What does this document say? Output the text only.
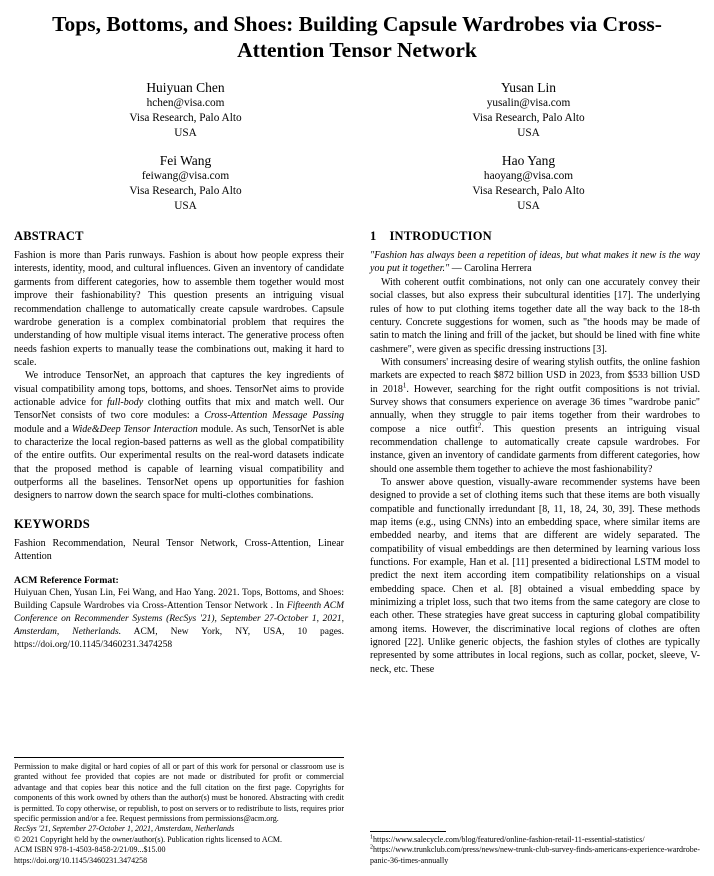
Tops, Bottoms, and Shoes: Building Capsule Wardrobes via Cross-Attention Tensor Network
Huiyuan Chen
hchen@visa.com
Visa Research, Palo Alto
USA
Yusan Lin
yusalin@visa.com
Visa Research, Palo Alto
USA
Fei Wang
feiwang@visa.com
Visa Research, Palo Alto
USA
Hao Yang
haoyang@visa.com
Visa Research, Palo Alto
USA
ABSTRACT

Fashion is more than Paris runways. Fashion is about how people express their interests, identity, mood, and cultural influences. Given an inventory of candidate garments from different categories, how to assemble them together would most improve their fashionability? This question presents an intriguing visual recommendation challenge to automatically create capsule wardrobes. Capsule wardrobe generation is a complex combinatorial problem that requires the understanding of how multiple visual items interact. The generative process often needs fashion experts to manually tease the combinations out, making it hard to scale.

We introduce TensorNet, an approach that captures the key ingredients of visual compatibility among tops, bottoms, and shoes. TensorNet aims to provide actionable advice for full-body clothing outfits that mix and match well. Our TensorNet consists of two core modules: a Cross-Attention Message Passing module and a Wide&Deep Tensor Interaction module. As such, TensorNet is able to characterize the local region-based patterns as well as the global compatibility of the entire outfits. Our experimental results on the real-word datasets indicate that the proposed method is capable of learning visual compatibility and outperforms all the baselines. TensorNet opens up opportunities for fashion designers to narrow down the search space for multi-clothes combinations.

KEYWORDS

Fashion Recommendation, Neural Tensor Network, Cross-Attention, Linear Attention

ACM Reference Format:

Huiyuan Chen, Yusan Lin, Fei Wang, and Hao Yang. 2021. Tops, Bottoms, and Shoes: Building Capsule Wardrobes via Cross-Attention Tensor Network . In Fifteenth ACM Conference on Recommender Systems (RecSys '21), September 27-October 1, 2021, Amsterdam, Netherlands. ACM, New York, NY, USA, 10 pages. https://doi.org/10.1145/3460231.3474258

Permission to make digital or hard copies of all or part of this work for personal or classroom use is granted without fee provided that copies are not made or distributed for profit or commercial advantage and that copies bear this notice and the full citation on the first page. Copyrights for components of this work owned by others than the author(s) must be honored. Abstracting with credit is permitted. To copy otherwise, or republish, to post on servers or to redistribute to lists, requires prior specific permission and/or a fee. Request permissions from permissions@acm.org.
RecSys '21, September 27-October 1, 2021, Amsterdam, Netherlands
© 2021 Copyright held by the owner/author(s). Publication rights licensed to ACM.
ACM ISBN 978-1-4503-8458-2/21/09...$15.00
https://doi.org/10.1145/3460231.3474258
1 INTRODUCTION

"Fashion has always been a repetition of ideas, but what makes it new is the way you put it together." — Carolina Herrera

With coherent outfit combinations, not only can one accurately convey their social classes, but also express their subcultural identities [17]. The underlying rules of how to put clothing items together date all the way back to the 18-th century. Concrete suggestions for women, such as "the hoods may be made of satin to match the lining and frill of the jacket, but should be lined with fine white cashmere", were given as specific dressing instructions [3].

With consumers' increasing desire of wearing stylish outfits, the online fashion markets are expected to reach $872 billion USD in 2023, from $533 billion USD in 2018$^1$. However, searching for the right outfit compositions is not trivial. Survey shows that consumers experience on average 36 times "wardrobe panic" annually, when they struggle to pair items together from their wardrobes to compose a nice outfit$^2$. This question presents an intriguing visual recommendation challenge to automatically create capsule wardrobes. For instance, given an inventory of candidate garments from different categories, how should one assemble them together to achieve the most fashionability?

To answer above question, visually-aware recommender systems have been designed to provide a set of clothing items such that these items are both visually compatible and functionally irredundant [8, 11, 18, 24, 30, 39]. These methods map items (e.g., using CNNs) into an embedding space, where similar items are embedded nearby, and items that are different are widely separated. The compatibility of visual embeddings are then determined by learning various loss functions. For example, Han et al. [11] presented a bidirectional LSTM model to predict the next item according item compatibility relationships on a visual embedding space. Chen et al. [8] obtained a visual embedding space by minimizing a triplet loss, such that two items from the same category are close to each other. These strategies have great success in capturing global compatibility among items. However, the discriminative local regions of clothes are often ignored [22]. Unlike generic objects, the fashion styles of clothes are typically represented by some attributes in local regions, such as collar, pocket, sleeve, V-neck, etc. These

$^1$https://www.salecycle.com/blog/featured/online-fashion-retail-11-essential-statistics/
$^2$https://www.trunkclub.com/press/news/new-trunk-club-survey-finds-americans-experience-wardrobe-panic-36-times-annually
